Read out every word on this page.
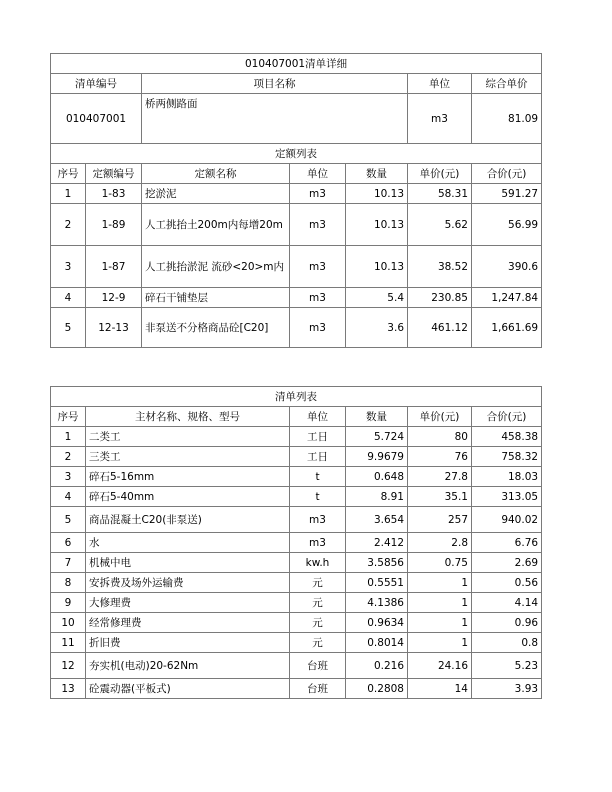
010407001清单详细						
清单编号		项目名称			单位	综合单价
010407001		桥两侧路面			m3	81.09
定额列表						
序号	定额编号	定额名称	单位	数量	单价(元)	合价(元)
1	1-83	挖淤泥	m3	10.13	58.31	591.27
2	1-89	人工挑抬土200m内每增20m	m3	10.13	5.62	56.99
3	1-87	人工挑抬淤泥 流砂<20>m内	m3	10.13	38.52	390.6
4	12-9	碎石干铺垫层	m3	5.4	230.85	1,247.84
5	12-13	非泵送不分格商品砼[C20]	m3	3.6	461.12	1,661.69
清单列表					
序号	主材名称、规格、型号	单位	数量	单价(元)	合价(元)
1	二类工	工日	5.724	80	458.38
2	三类工	工日	9.9679	76	758.32
3	碎石5-16mm	t	0.648	27.8	18.03
4	碎石5-40mm	t	8.91	35.1	313.05
5	商品混凝土C20(非泵送)	m3	3.654	257	940.02
6	水	m3	2.412	2.8	6.76
7	机械中电	kw.h	3.5856	0.75	2.69
8	安拆费及场外运输费	元	0.5551	1	0.56
9	大修理费	元	4.1386	1	4.14
10	经常修理费	元	0.9634	1	0.96
11	折旧费	元	0.8014	1	0.8
12	夯实机(电动)20-62Nm	台班	0.216	24.16	5.23
13	砼震动器(平板式)	台班	0.2808	14	3.93
